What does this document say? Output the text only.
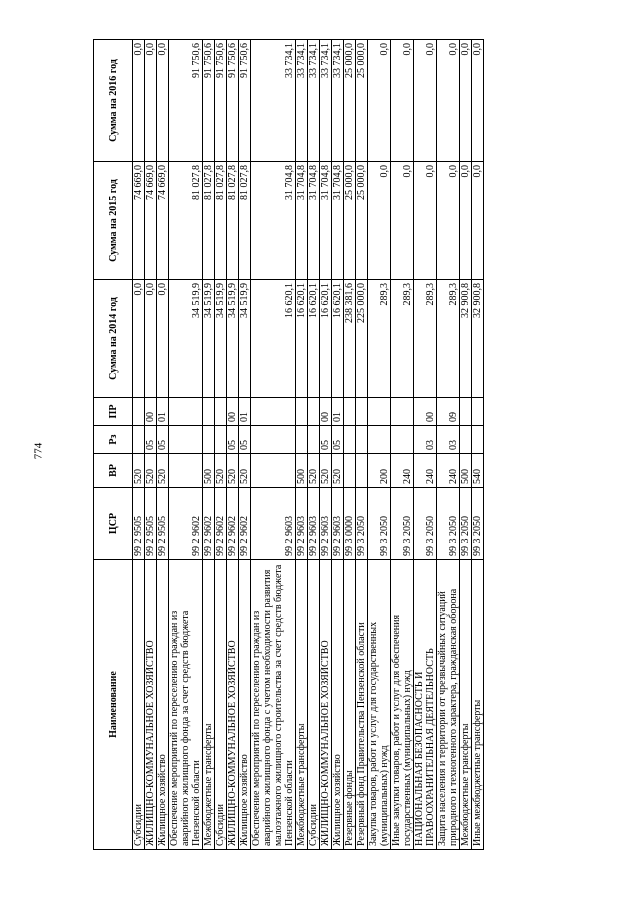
774
Наименование	ЦСР	ВР	Рз	ПР	Сумма на 2014 год	Сумма на 2015 год	Сумма на 2016 год
Субсидии	99 2 9505	520			0,0	74 669,0	0,0
ЖИЛИЩНО-КОММУНАЛЬНОЕ ХОЗЯЙСТВО	99 2 9505	520	05	00	0,0	74 669,0	0,0
Жилищное хозяйство	99 2 9505	520	05	01	0,0	74 669,0	0,0
Обеспечение мероприятий по переселению граждан из аварийного жилищного фонда за счет средств бюджета Пензенской области	99 2 9602				34 519,9	81 027,8	91 750,6
Межбюджетные трансферты	99 2 9602	500			34 519,9	81 027,8	91 750,6
Субсидии	99 2 9602	520			34 519,9	81 027,8	91 750,6
ЖИЛИЩНО-КОММУНАЛЬНОЕ ХОЗЯЙСТВО	99 2 9602	520	05	00	34 519,9	81 027,8	91 750,6
Жилищное хозяйство	99 2 9602	520	05	01	34 519,9	81 027,8	91 750,6
Обеспечение мероприятий по переселению граждан из аварийного жилищного фонда с учетом необходимости развития малоэтажного жилищного строительства за счет средств бюджета Пензенской области	99 2 9603				16 620,1	31 704,8	33 734,1
Межбюджетные трансферты	99 2 9603	500			16 620,1	31 704,8	33 734,1
Субсидии	99 2 9603	520			16 620,1	31 704,8	33 734,1
ЖИЛИЩНО-КОММУНАЛЬНОЕ ХОЗЯЙСТВО	99 2 9603	520	05	00	16 620,1	31 704,8	33 734,1
Жилищное хозяйство	99 2 9603	520	05	01	16 620,1	31 704,8	33 734,1
Резервные фонды	99 3 0000				238 381,6	25 000,0	25 000,0
Резервный фонд Правительства Пензенской области	99 3 2050				225 000,0	25 000,0	25 000,0
Закупка товаров, работ и услуг для государственных (муниципальных) нужд	99 3 2050	200			289,3	0,0	0,0
Иные закупки товаров, работ и услуг для обеспечения государственных (муниципальных) нужд	99 3 2050	240			289,3	0,0	0,0
НАЦИОНАЛЬНАЯ БЕЗОПАСНОСТЬ И ПРАВООХРАНИТЕЛЬНАЯ ДЕЯТЕЛЬНОСТЬ	99 3 2050	240	03	00	289,3	0,0	0,0
Защита населения и территории от чрезвычайных ситуаций природного и техногенного характера, гражданская оборона	99 3 2050	240	03	09	289,3	0,0	0,0
Межбюджетные трансферты	99 3 2050	500			32 900,8	0,0	0,0
Иные межбюджетные трансферты	99 3 2050	540			32 900,8	0,0	0,0
